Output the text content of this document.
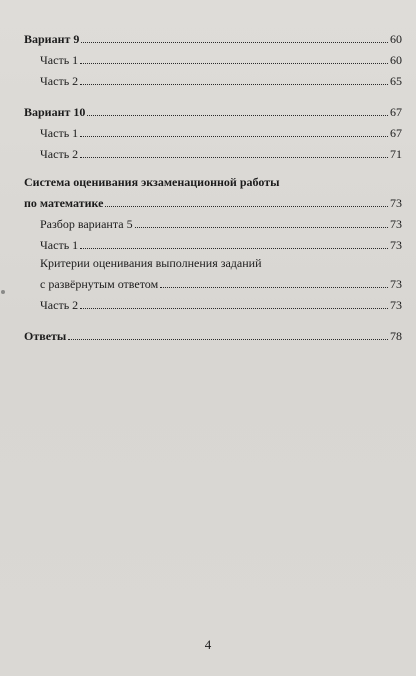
Вариант 9	60
Часть 1	60
Часть 2	65
Вариант 10	67
Часть 1	67
Часть 2	71
Система оценивания экзаменационной работы
по математике	73
Разбор варианта 5	73
Часть 1	73
Критерии оценивания выполнения заданий
с развёрнутым ответом	73
Часть 2	73
Ответы	78
4
